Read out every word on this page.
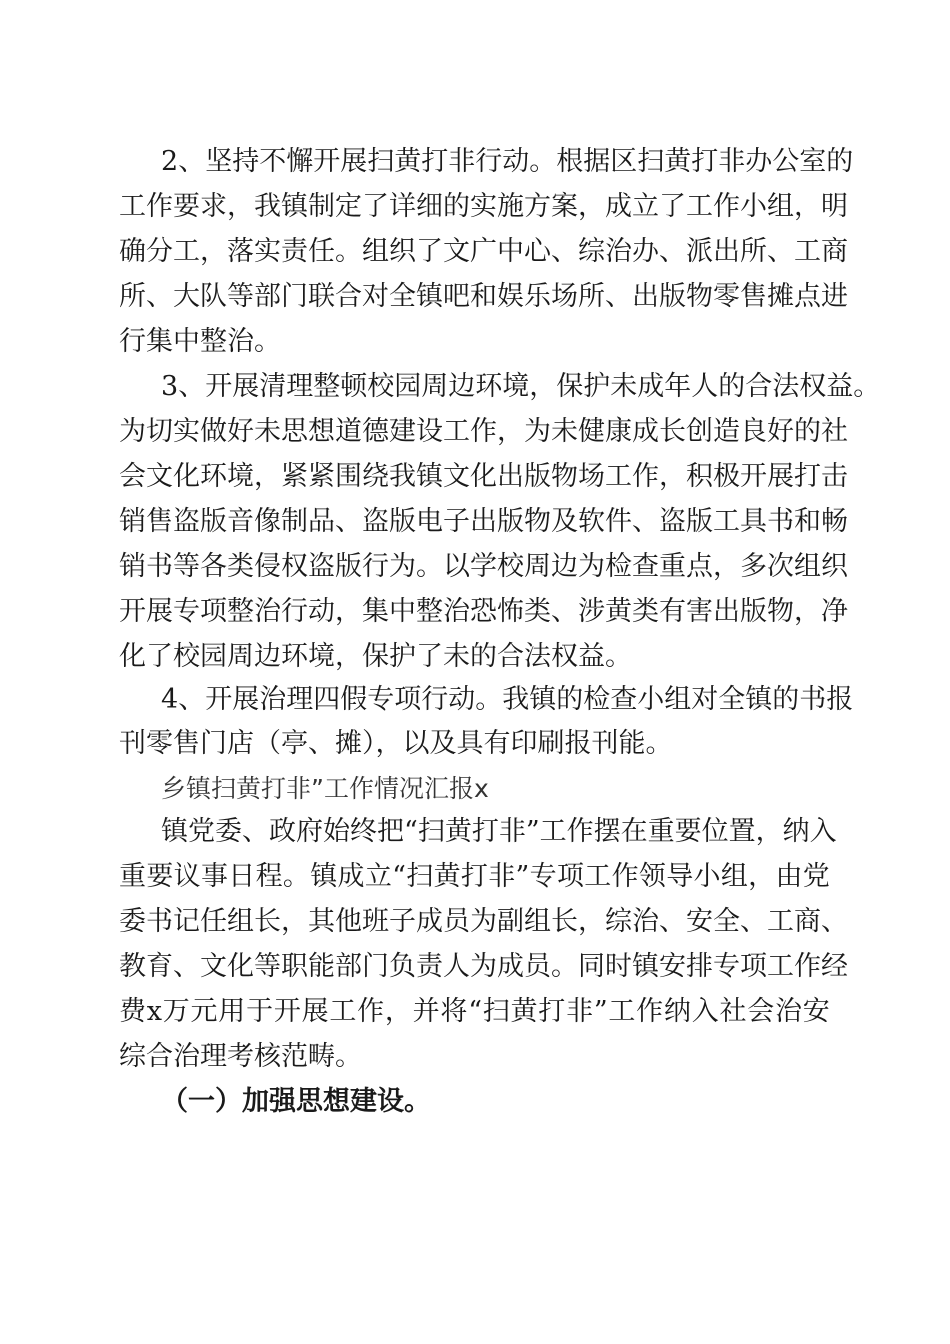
2 、 坚 持 不 懈 开 展 扫 黄 打 非 行 动 。 根 据 区 扫 黄 打 非 办 公 室 的
工 作 要 求 ， 我 镇 制 定 了 详 细 的 实 施 方 案 ， 成 立 了 工 作 小 组 ， 明
确 分 工 ， 落 实 责 任 。 组 织 了 文 广 中 心 、 综 治 办 、 派 出 所 、 工 商
所 、 大 队 等 部 门 联 合 对 全 镇 吧 和 娱 乐 场 所 、 出 版 物 零 售 摊 点 进
行集中整治。
3 、 开 展 清 理 整 顿 校 园 周 边 环 境 ， 保 护 未 成 年 人 的 合 法 权 益 。
为 切 实 做 好 未 思 想 道 德 建 设 工 作 ， 为 未 健 康 成 长 创 造 良 好 的 社
会 文 化 环 境 ， 紧 紧 围 绕 我 镇 文 化 出 版 物 场 工 作 ， 积 极 开 展 打 击
销 售 盗 版 音 像 制 品 、 盗 版 电 子 出 版 物 及 软 件 、 盗 版 工 具 书 和 畅
销 书 等 各 类 侵 权 盗 版 行 为 。 以 学 校 周 边 为 检 查 重 点 ， 多 次 组 织
开 展 专 项 整 治 行 动 ， 集 中 整 治 恐 怖 类 、 涉 黄 类 有 害 出 版 物 ， 净
化了校园周边环境，保护了未的合法权益。
4 、 开 展 治 理 四 假 专 项 行 动 。 我 镇 的 检 查 小 组 对 全 镇 的 书 报
刊零售门店（亭、摊），以及具有印刷报刊能。
乡镇扫黄打非”工作情况汇报x
镇 党 委 、 政 府 始 终 把 “ 扫 黄 打 非 ” 工 作 摆 在 重 要 位 置 ， 纳 入
重 要 议 事 日 程 。 镇 成 立 “ 扫 黄 打 非 ” 专 项 工 作 领 导 小 组 ， 由 党
委 书 记 任 组 长 ， 其 他 班 子 成 员 为 副 组 长 ， 综 治 、 安 全 、 工 商 、
教 育 、 文 化 等 职 能 部 门 负 责 人 为 成 员 。 同 时 镇 安 排 专 项 工 作 经
费 x 万 元 用 于 开 展 工 作 ， 并 将 “ 扫 黄 打 非 ” 工 作 纳 入 社 会 治 安
综合治理考核范畴。
（一）加强思想建设。
